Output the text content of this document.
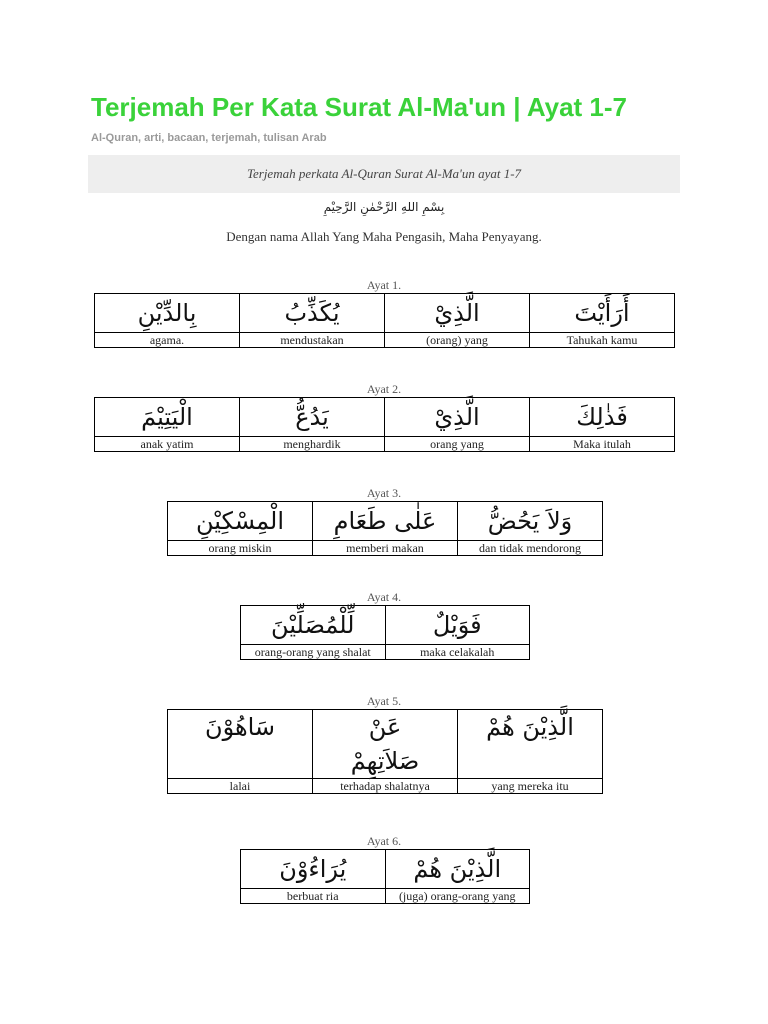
Terjemah Per Kata Surat Al-Ma'un | Ayat 1-7
Al-Quran, arti, bacaan, terjemah, tulisan Arab
Terjemah perkata Al-Quran Surat Al-Ma'un ayat 1-7
بِسْمِ اللهِ الرَّحْمٰنِ الرَّحِيْمِ
Dengan nama Allah Yang Maha Pengasih, Maha Penyayang.
Ayat 1.
بِالدِّيْنِ	يُكَذِّبُ	الَّذِيْ	أَرَأَيْتَ
agama.	mendustakan	(orang) yang	Tahukah kamu
Ayat 2.
الْيَتِيْمَ	يَدُعُّ	الَّذِيْ	فَذٰلِكَ
anak yatim	menghardik	orang yang	Maka itulah
Ayat 3.
الْمِسْكِيْنِ	عَلٰى طَعَامِ	وَلاَ يَحُضُّ
orang miskin	memberi makan	dan tidak mendorong
Ayat 4.
لِّلْمُصَلِّيْنَ	فَوَيْلٌ
orang-orang yang shalat	maka celakalah
Ayat 5.
سَاهُوْنَ	عَنْ صَلاَتِهِمْ	الَّذِيْنَ هُمْ
lalai	terhadap shalatnya	yang mereka itu
Ayat 6.
يُرَاءُوْنَ	الَّذِيْنَ هُمْ
berbuat ria	(juga) orang-orang yang
